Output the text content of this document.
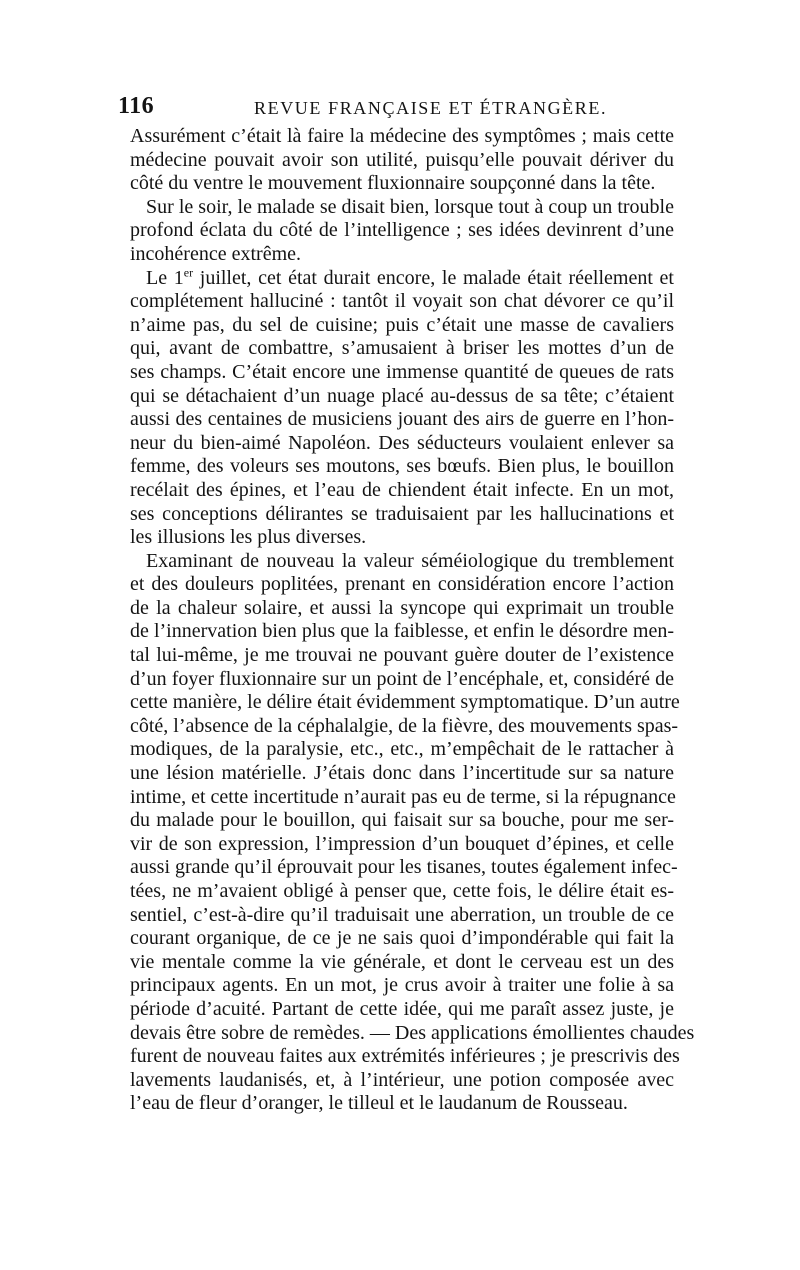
116	REVUE FRANÇAISE ET ÉTRANGÈRE.
Assurément c’était là faire la médecine des symptômes ; mais cette
médecine pouvait avoir son utilité, puisqu’elle pouvait dériver du
côté du ventre le mouvement fluxionnaire soupçonné dans la tête.
Sur le soir, le malade se disait bien, lorsque tout à coup un trouble
profond éclata du côté de l’intelligence ; ses idées devinrent d’une
incohérence extrême.
Le 1er juillet, cet état durait encore, le malade était réellement et
complétement halluciné : tantôt il voyait son chat dévorer ce qu’il
n’aime pas, du sel de cuisine; puis c’était une masse de cavaliers
qui, avant de combattre, s’amusaient à briser les mottes d’un de
ses champs. C’était encore une immense quantité de queues de rats
qui se détachaient d’un nuage placé au-dessus de sa tête; c’étaient
aussi des centaines de musiciens jouant des airs de guerre en l’hon-
neur du bien-aimé Napoléon. Des séducteurs voulaient enlever sa
femme, des voleurs ses moutons, ses bœufs. Bien plus, le bouillon
recélait des épines, et l’eau de chiendent était infecte. En un mot,
ses conceptions délirantes se traduisaient par les hallucinations et
les illusions les plus diverses.
Examinant de nouveau la valeur séméiologique du tremblement
et des douleurs poplitées, prenant en considération encore l’action
de la chaleur solaire, et aussi la syncope qui exprimait un trouble
de l’innervation bien plus que la faiblesse, et enfin le désordre men-
tal lui-même, je me trouvai ne pouvant guère douter de l’existence
d’un foyer fluxionnaire sur un point de l’encéphale, et, considéré de
cette manière, le délire était évidemment symptomatique. D’un autre
côté, l’absence de la céphalalgie, de la fièvre, des mouvements spas-
modiques, de la paralysie, etc., etc., m’empêchait de le rattacher à
une lésion matérielle. J’étais donc dans l’incertitude sur sa nature
intime, et cette incertitude n’aurait pas eu de terme, si la répugnance
du malade pour le bouillon, qui faisait sur sa bouche, pour me ser-
vir de son expression, l’impression d’un bouquet d’épines, et celle
aussi grande qu’il éprouvait pour les tisanes, toutes également infec-
tées, ne m’avaient obligé à penser que, cette fois, le délire était es-
sentiel, c’est-à-dire qu’il traduisait une aberration, un trouble de ce
courant organique, de ce je ne sais quoi d’impondérable qui fait la
vie mentale comme la vie générale, et dont le cerveau est un des
principaux agents. En un mot, je crus avoir à traiter une folie à sa
période d’acuité. Partant de cette idée, qui me paraît assez juste, je
devais être sobre de remèdes. — Des applications émollientes chaudes
furent de nouveau faites aux extrémités inférieures ; je prescrivis des
lavements laudanisés, et, à l’intérieur, une potion composée avec
l’eau de fleur d’oranger, le tilleul et le laudanum de Rousseau.
